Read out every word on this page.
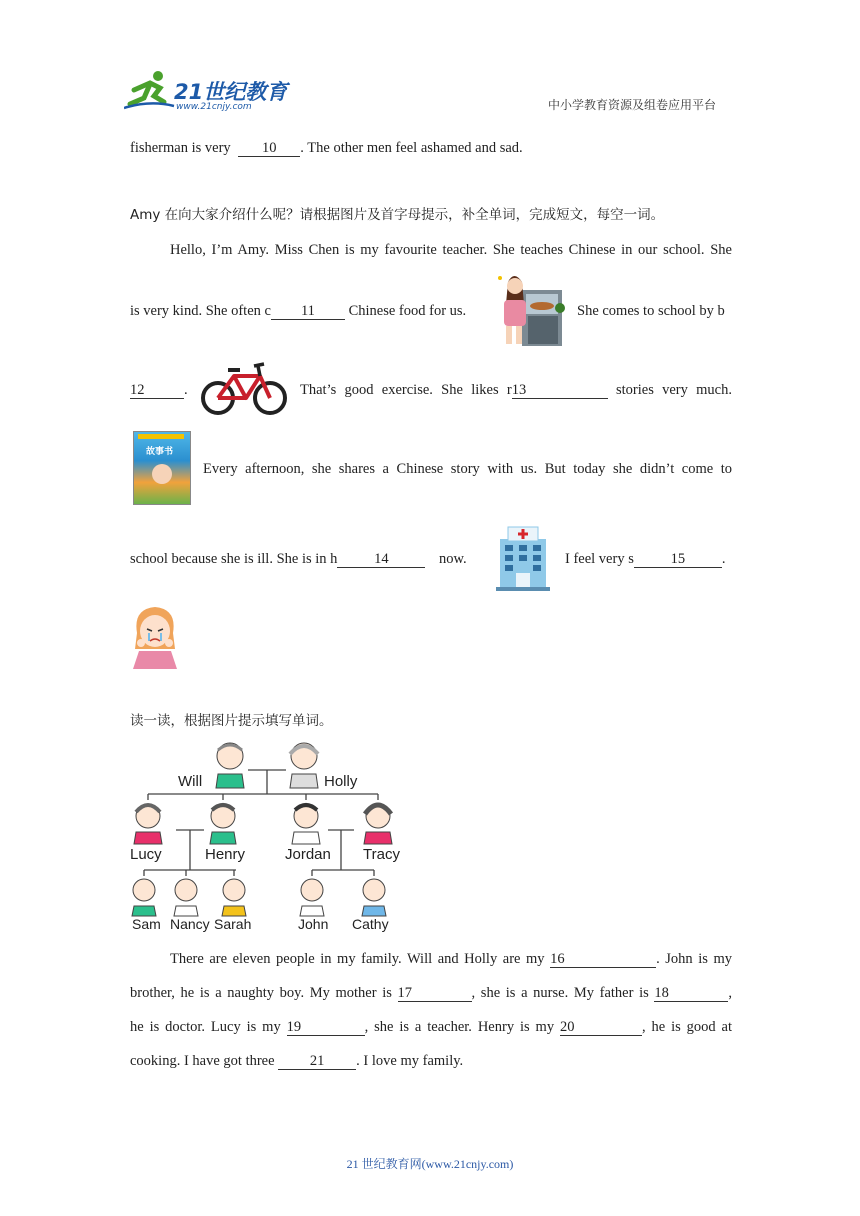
21世纪教育
www.21cnjy.com	中小学教育资源及组卷应用平台
fisherman is very 10 . The other men feel ashamed and sad.
Amy 在向大家介绍什么呢？请根据图片及首字母提示，补全单词，完成短文，每空一词。
Hello, I’m Amy. Miss Chen is my favourite teacher. She teaches Chinese in our school. She
is very kind. She often c 11 Chinese food for us.	She comes to school by b
12	.	That’s good exercise. She likes r13	stories very much.
故事书
Every afternoon, she shares a Chinese story with us. But today she didn’t come to
school because she is ill. She is in h	14	now.	I feel very s	15	.
读一读，根据图片提示填写单词。
Will	Holly
Lucy	Henry	Jordan Tracy
Sam Nancy Sarah	John Cathy
There are eleven people in my family. Will and Holly are my 16	. John is my
brother, he is a naughty boy. My mother is 17	, she is a nurse. My father is 18	,
he is doctor. Lucy is my 19	, she is a teacher. Henry is my 20	, he is good at
cooking. I have got three 21 . I love my family.
21 世纪教育网(www.21cnjy.com)
